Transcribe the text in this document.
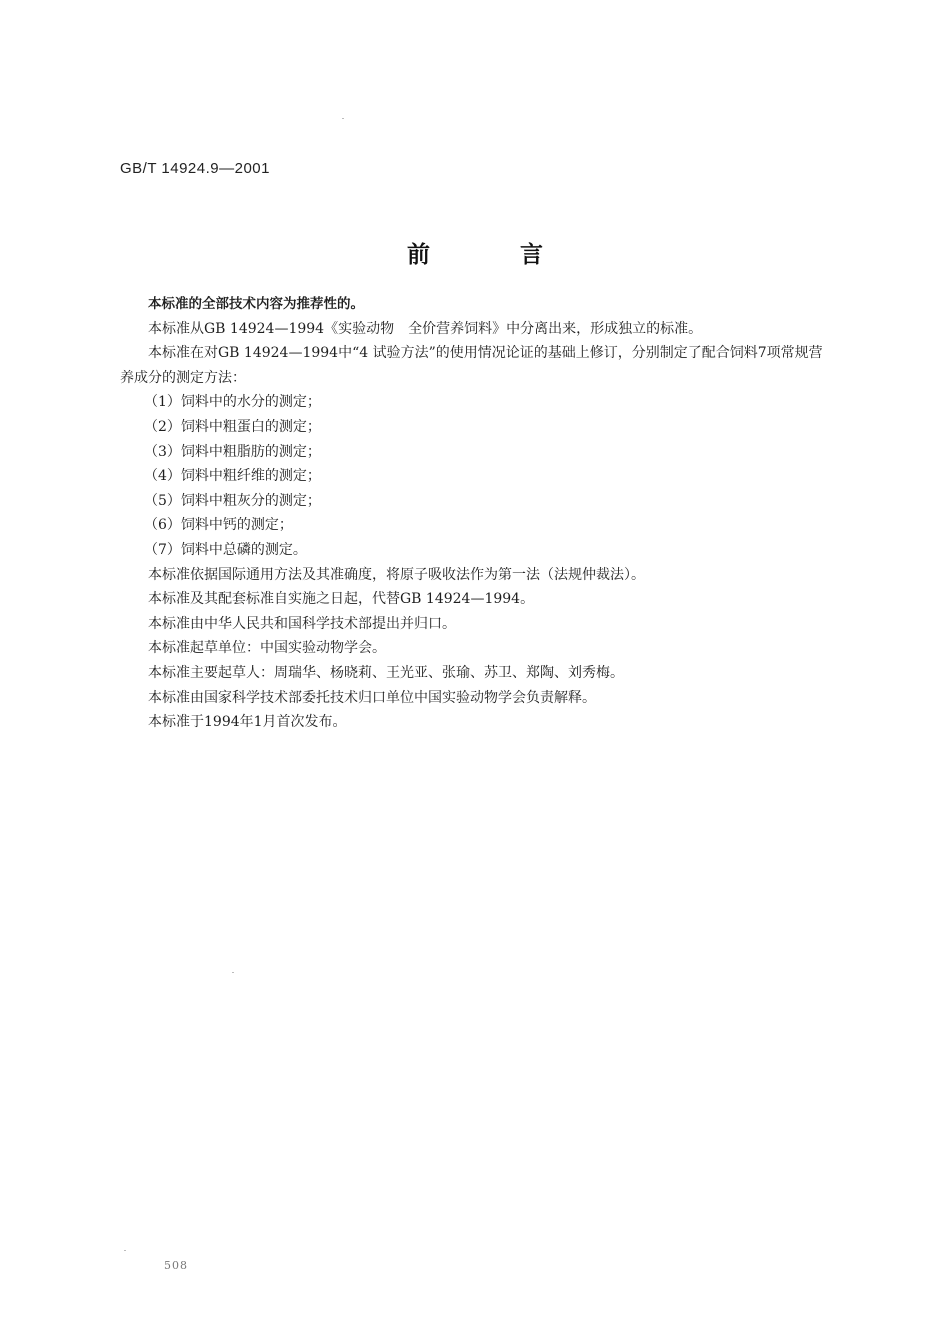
GB/T 14924.9—2001
前言

本标准的全部技术内容为推荐性的。

本标准从GB 14924—1994《实验动物　全价营养饲料》中分离出来，形成独立的标准。

本标准在对GB 14924—1994中“4 试验方法”的使用情况论证的基础上修订，分别制定了配合饲料7项常规营养成分的测定方法：

（1）饲料中的水分的测定；

（2）饲料中粗蛋白的测定；

（3）饲料中粗脂肪的测定；

（4）饲料中粗纤维的测定；

（5）饲料中粗灰分的测定；

（6）饲料中钙的测定；

（7）饲料中总磷的测定。

本标准依据国际通用方法及其准确度，将原子吸收法作为第一法（法规仲裁法）。

本标准及其配套标准自实施之日起，代替GB 14924—1994。

本标准由中华人民共和国科学技术部提出并归口。

本标准起草单位：中国实验动物学会。

本标准主要起草人：周瑞华、杨晓莉、王光亚、张瑜、苏卫、郑陶、刘秀梅。

本标准由国家科学技术部委托技术归口单位中国实验动物学会负责解释。

本标准于1994年1月首次发布。

508
